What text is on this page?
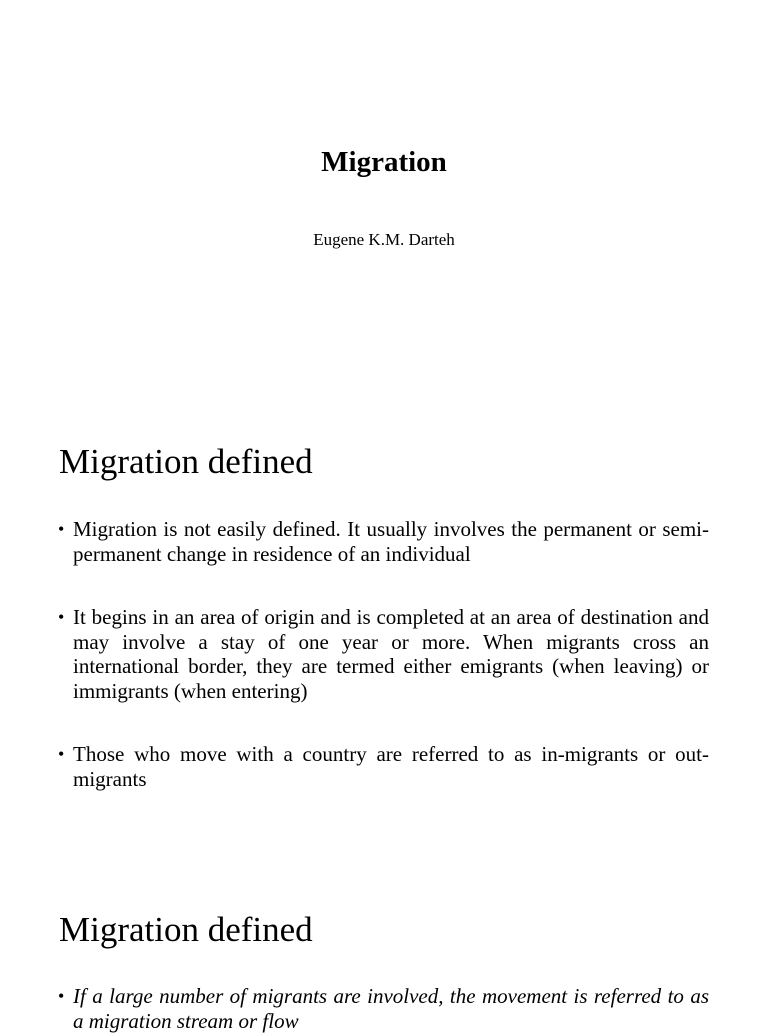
Migration
Eugene K.M. Darteh
Migration defined
• Migration is not easily defined. It usually involves the permanent or semi-permanent change in residence of an individual
• It begins in an area of origin and is completed at an area of destination and may involve a stay of one year or more. When migrants cross an international border, they are termed either emigrants (when leaving) or immigrants (when entering)
• Those who move with a country are referred to as in-migrants or out-migrants
Migration defined
• If a large number of migrants are involved, the movement is referred to as a migration stream or flow
